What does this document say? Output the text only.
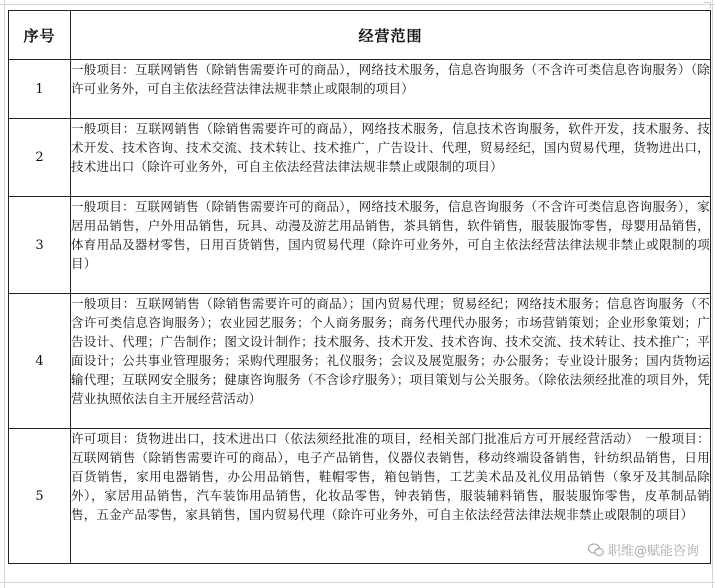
序号	经营范围
1	一般项目：互联网销售（除销售需要许可的商品），网络技术服务，信息咨询服务（不含许可类信息咨询服务）（除许可业务外，可自主依法经营法律法规非禁止或限制的项目）
2	一般项目：互联网销售（除销售需要许可的商品），网络技术服务，信息技术咨询服务，软件开发，技术服务、技术开发、技术咨询、技术交流、技术转让、技术推广，广告设计、代理，贸易经纪，国内贸易代理，货物进出口，技术进出口（除许可业务外，可自主依法经营法律法规非禁止或限制的项目）
3	一般项目：互联网销售（除销售需要许可的商品），网络技术服务，信息咨询服务（不含许可类信息咨询服务），家居用品销售，户外用品销售，玩具、动漫及游艺用品销售，茶具销售，软件销售，服装服饰零售，母婴用品销售，体育用品及器材零售，日用百货销售，国内贸易代理（除许可业务外，可自主依法经营法律法规非禁止或限制的项目）
4	一般项目：互联网销售（除销售需要许可的商品）；国内贸易代理；贸易经纪；网络技术服务；信息咨询服务（不含许可类信息咨询服务）；农业园艺服务；个人商务服务；商务代理代办服务；市场营销策划；企业形象策划；广告设计、代理；广告制作；图文设计制作；技术服务、技术开发、技术咨询、技术交流、技术转让、技术推广；平面设计；公共事业管理服务；采购代理服务；礼仪服务；会议及展览服务；办公服务；专业设计服务；国内货物运输代理；互联网安全服务；健康咨询服务（不含诊疗服务）；项目策划与公关服务。（除依法须经批准的项目外，凭营业执照依法自主开展经营活动）
5	许可项目：货物进出口，技术进出口（依法须经批准的项目，经相关部门批准后方可开展经营活动）　一般项目：互联网销售（除销售需要许可的商品），电子产品销售，仪器仪表销售，移动终端设备销售，针纺织品销售，日用百货销售，家用电器销售，办公用品销售，鞋帽零售，箱包销售，工艺美术品及礼仪用品销售（象牙及其制品除外），家居用品销售，汽车装饰用品销售，化妆品零售，钟表销售，服装辅料销售，服装服饰零售，皮革制品销售，五金产品零售，家具销售，国内贸易代理（除许可业务外，可自主依法经营法律法规非禁止或限制的项目）
职维@赋能咨询
